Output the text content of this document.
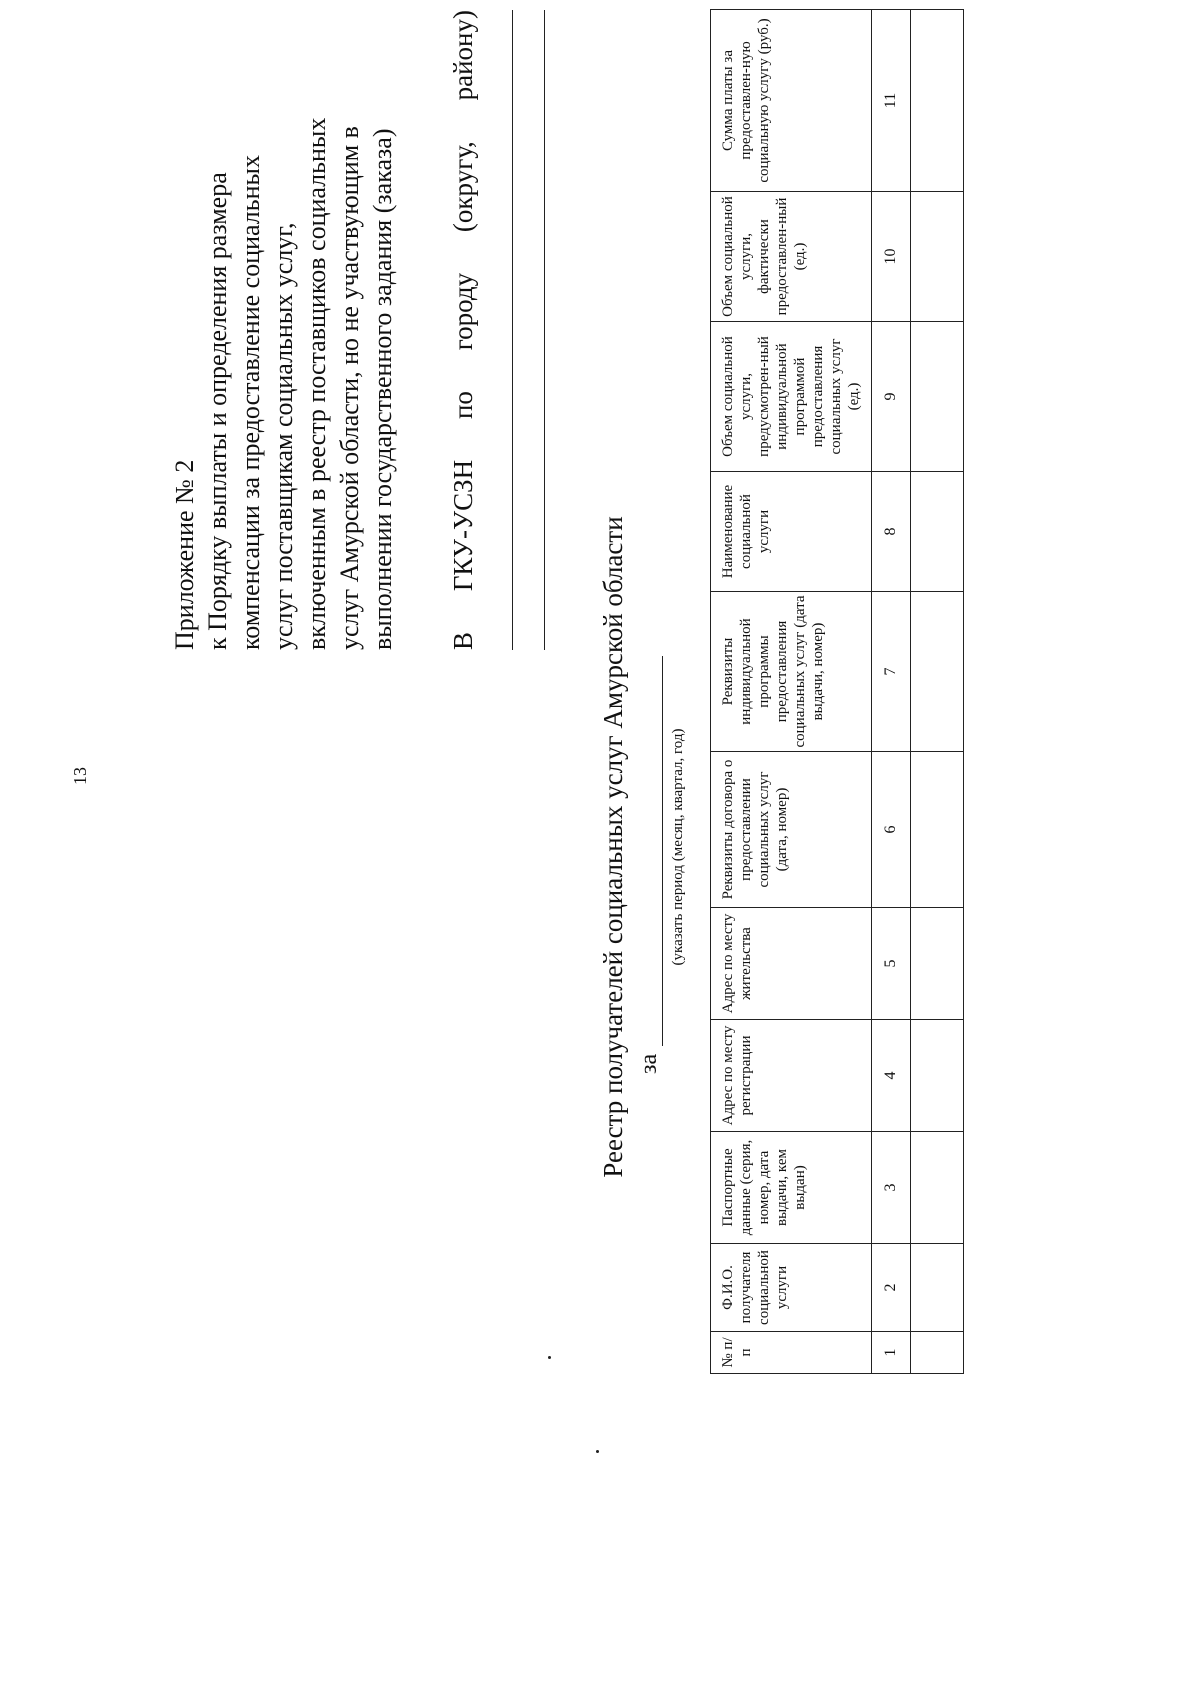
13
Приложение № 2 к Порядку выплаты и определения размера компенсации за предоставление социальных услуг поставщикам социальных услуг, включенным в реестр поставщиков социальных услуг Амурской области, но не участвующим в выполнении государственного задания (заказа) В
ГКУ-УСЗН
по
городу
(округу,
району)
Реестр получателей социальных услуг Амурской области за
(указать период (месяц, квартал, год)
№ п/п	Ф.И.О. получателя социальной услуги	Паспортные данные (серия, номер, дата выдачи, кем выдан)	Адрес по месту регистрации	Адрес по месту жительства	Реквизиты договора о предоставлении социальных услуг (дата, номер)	Реквизиты индивидуальной программы предоставления социальных услуг (дата выдачи, номер)	Наименование социальной услуги	Объем социальной услуги, предусмотрен-ный индивидуальной программой предоставления социальных услуг (ед.)	Объем социальной услуги, фактически предоставлен-ный (ед.)	Сумма платы за предоставлен-ную социальную услугу (руб.)
1	2	3	4	5	6	7	8	9	10	11
